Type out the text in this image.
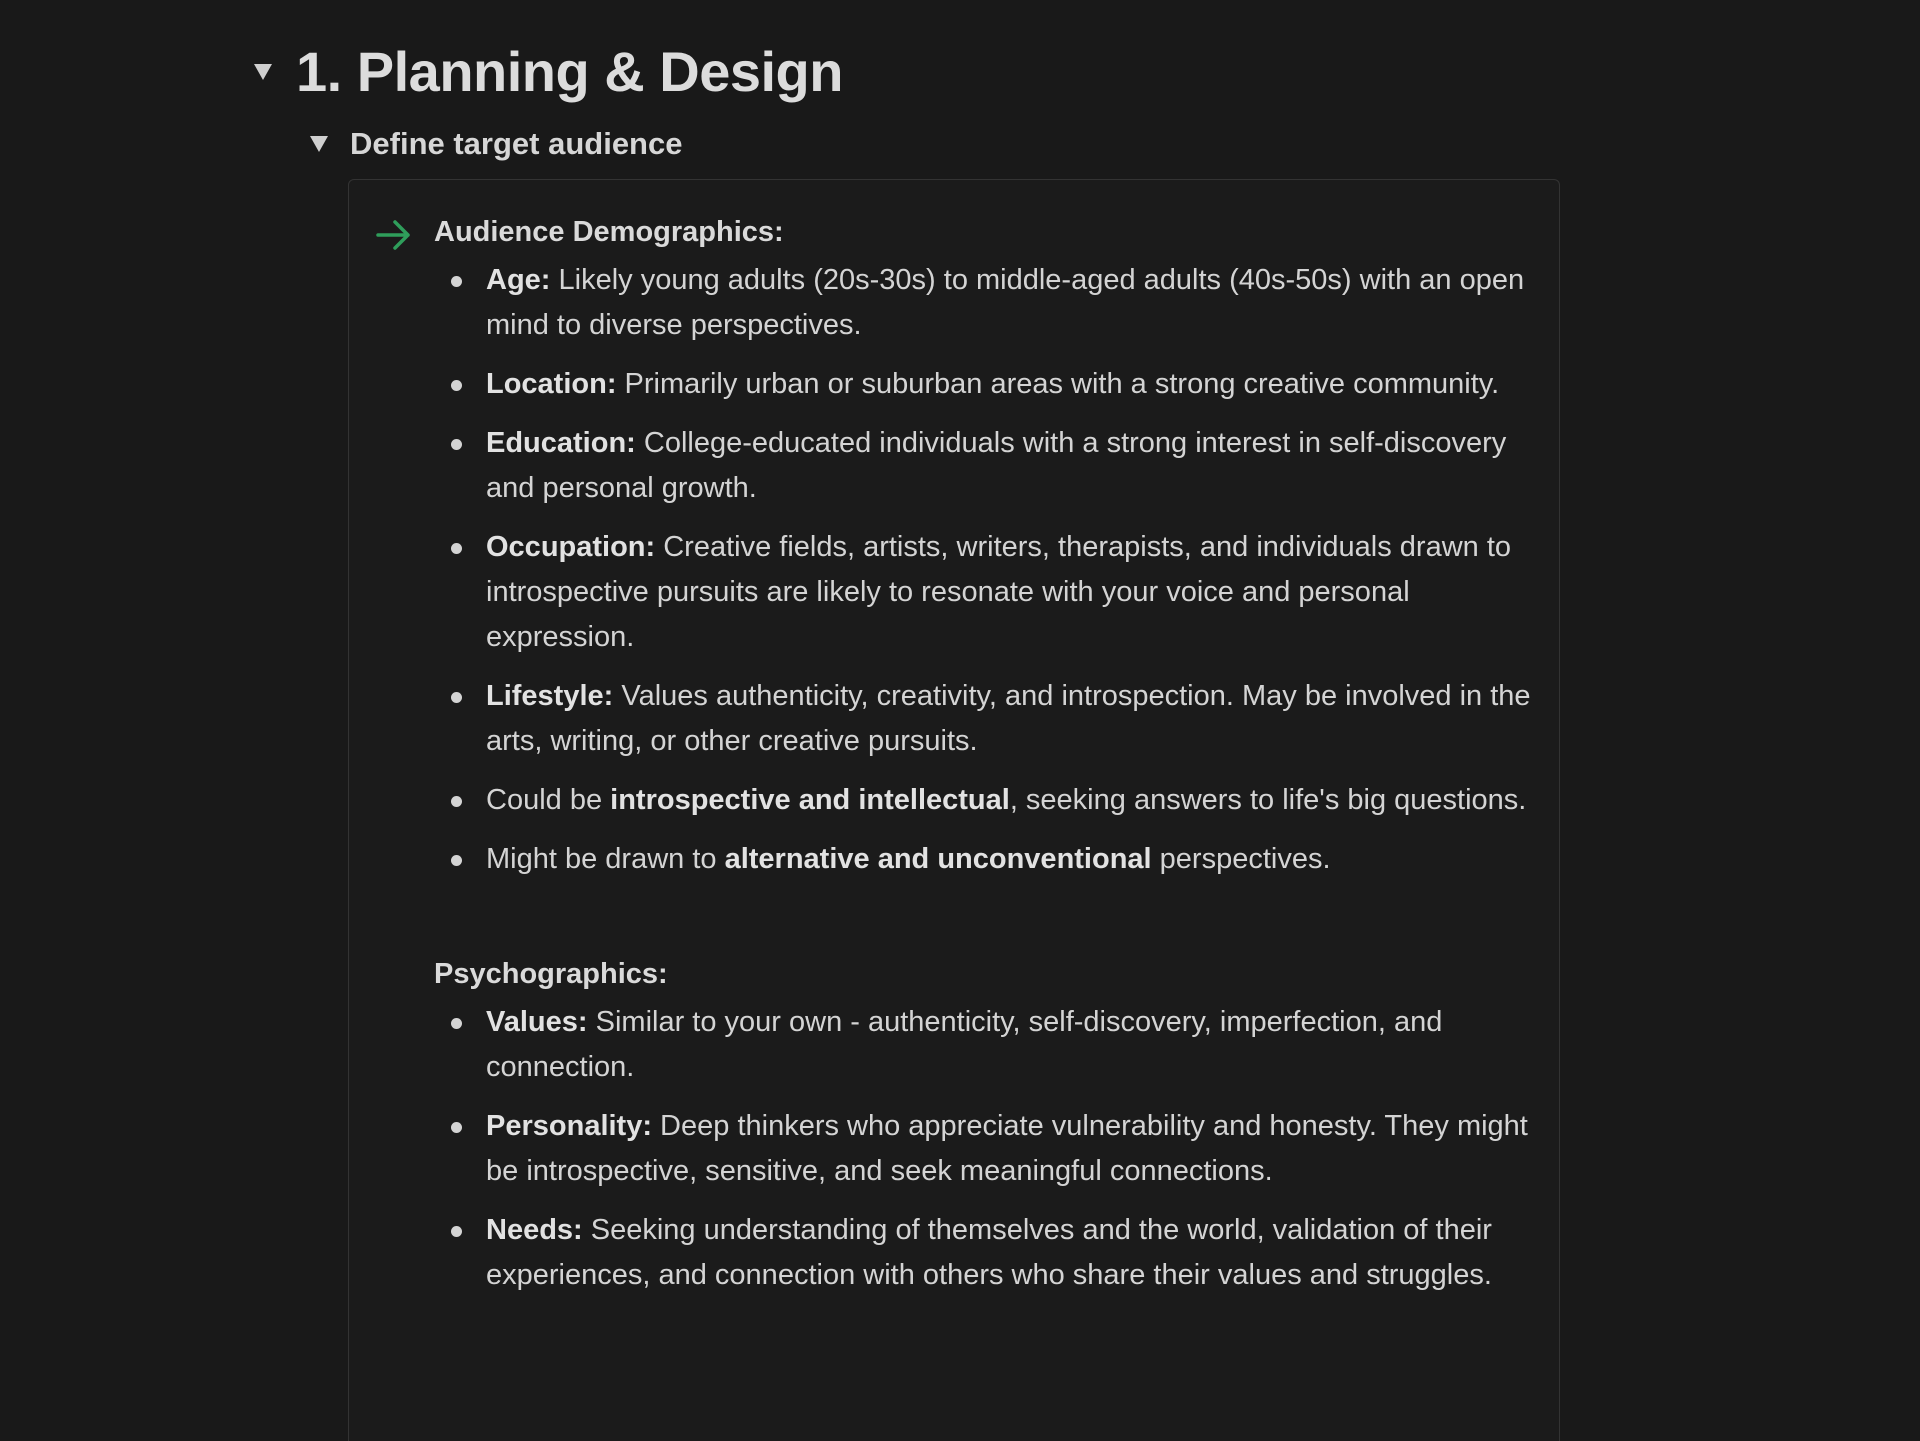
1. Planning & Design
Define target audience
Audience Demographics:
Age: Likely young adults (20s-30s) to middle-aged adults (40s-50s) with an open mind to diverse perspectives.
Location: Primarily urban or suburban areas with a strong creative community.
Education: College-educated individuals with a strong interest in self-discovery and personal growth.
Occupation: Creative fields, artists, writers, therapists, and individuals drawn to introspective pursuits are likely to resonate with your voice and personal expression.
Lifestyle: Values authenticity, creativity, and introspection. May be involved in the arts, writing, or other creative pursuits.
Could be introspective and intellectual, seeking answers to life's big questions.
Might be drawn to alternative and unconventional perspectives.
Psychographics:
Values: Similar to your own - authenticity, self-discovery, imperfection, and connection.
Personality: Deep thinkers who appreciate vulnerability and honesty. They might be introspective, sensitive, and seek meaningful connections.
Needs: Seeking understanding of themselves and the world, validation of their experiences, and connection with others who share their values and struggles.
